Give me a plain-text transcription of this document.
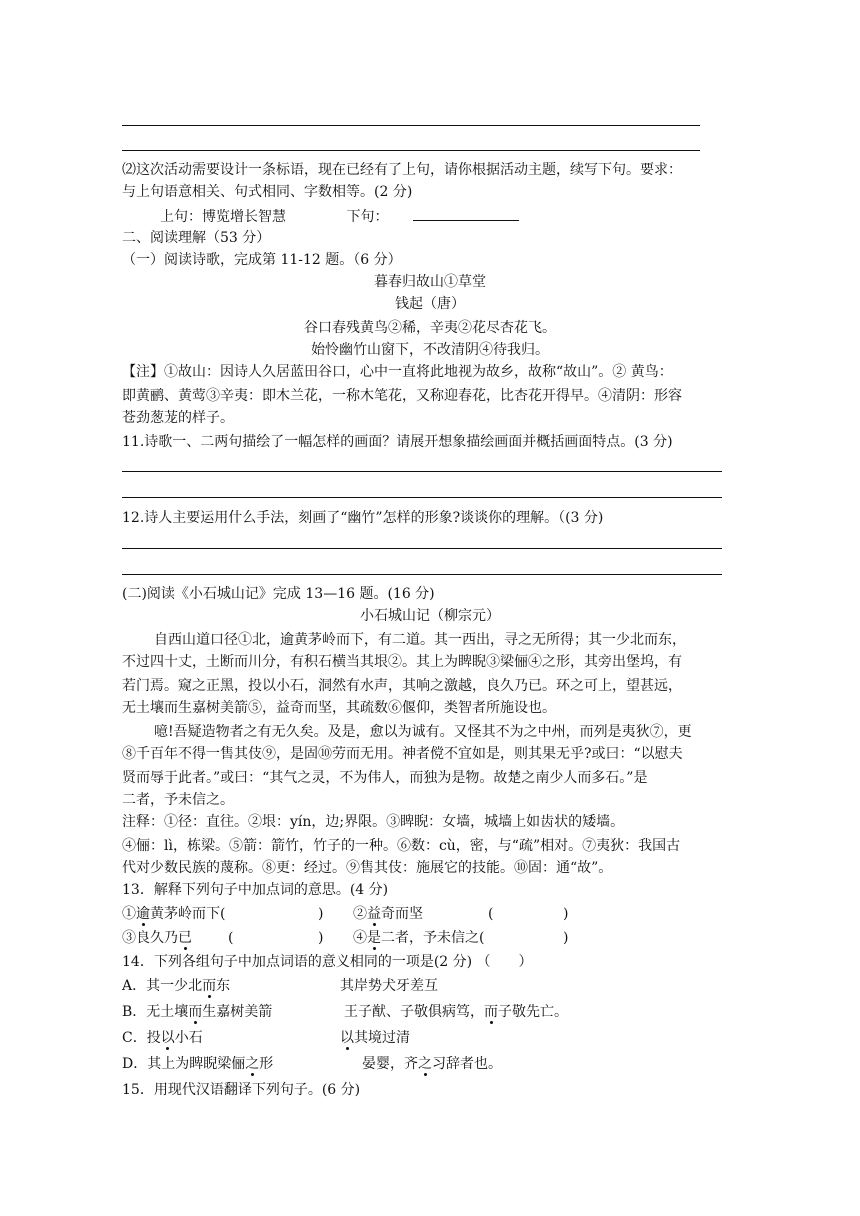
⑵这次活动需要设计一条标语，现在已经有了上句，请你根据活动主题，续写下句。要求：
与上句语意相关、句式相同、字数相等。(2 分)
上句：博览增长智慧	下句：
二、阅读理解（53 分）
（一）阅读诗歌，完成第 11-12 题。（6 分）
暮春归故山①草堂
钱起（唐）
谷口春残黄鸟②稀，辛夷②花尽杏花飞。
始怜幽竹山窗下，不改清阴④待我归。
【注】①故山：因诗人久居蓝田谷口，心中一直将此地视为故乡，故称“故山”。② 黄鸟：
即黄鹂、黄莺③辛夷：即木兰花，一称木笔花，又称迎春花，比杏花开得早。④清阴：形容
苍劲葱茏的样子。
11.诗歌一、二两句描绘了一幅怎样的画面？请展开想象描绘画面并概括画面特点。(3 分)
12.诗人主要运用什么手法，刻画了“幽竹”怎样的形象?谈谈你的理解。（(3 分)
(二)阅读《小石城山记》完成 13—16 题。(16 分)
小石城山记（柳宗元）
自西山道口径①北，逾黄茅岭而下，有二道。其一西出，寻之无所得；其一少北而东，
不过四十丈，土断而川分，有积石横当其垠②。其上为睥睨③梁俪④之形，其旁出堡坞，有
若门焉。窥之正黑，投以小石，洞然有水声，其响之激越，良久乃已。环之可上，望甚远，
无土壤而生嘉树美箭⑤，益奇而坚，其疏数⑥偃仰，类智者所施设也。
噫!吾疑造物者之有无久矣。及是，愈以为诚有。又怪其不为之中州，而列是夷狄⑦，更
⑧千百年不得一售其伎⑨，是固⑩劳而无用。神者傥不宜如是，则其果无乎?或曰：“以慰夫
贤而辱于此者。”或曰：“其气之灵，不为伟人，而独为是物。故楚之南少人而多石。”是
二者，予未信之。
注释：①径：直往。②垠：yín，边;界限。③睥睨：女墙，城墙上如齿状的矮墙。
④俪：lì，栋梁。⑤箭：箭竹，竹子的一种。⑥数：cù，密，与“疏”相对。⑦夷狄：我国古
代对少数民族的蔑称。⑧更：经过。⑨售其伎：施展它的技能。⑩固：通“故”。
13．解释下列句子中加点词的意思。(4 分)
①逾黄茅岭而下(	) ②益奇而坚	(	)
③良久乃已	(	) ④是二者，予未信之(	)
14．下列各组句子中加点词语的意义相同的一项是(2 分) （　　）
A．其一少北而东	其岸势犬牙差互
B．无土壤而生嘉树美箭	王子猷、子敬俱病笃，而子敬先亡。
C．投以小石	以其境过清
D．其上为睥睨梁俪之形	晏婴，齐之习辞者也。
15．用现代汉语翻译下列句子。(6 分)
